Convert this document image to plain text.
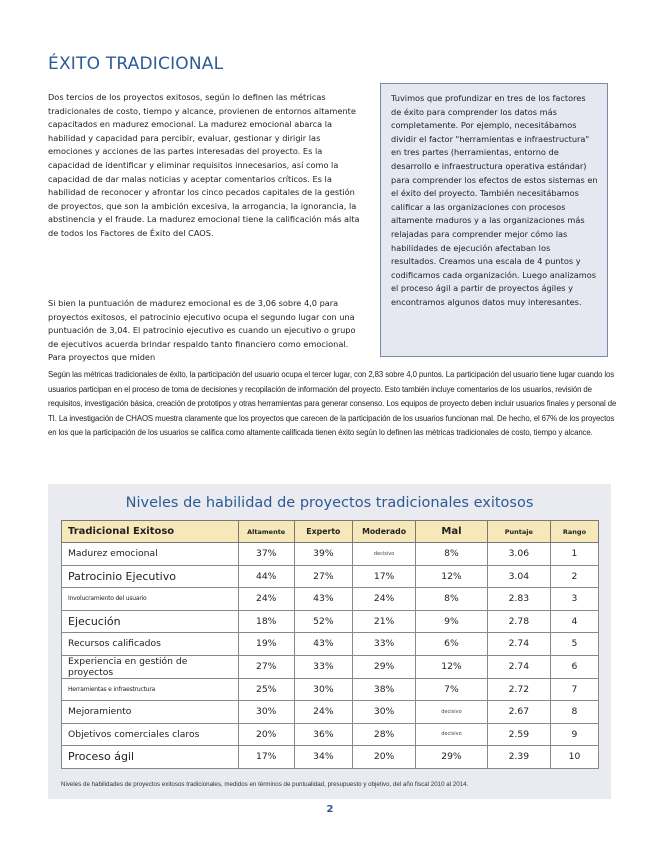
ÉXITO TRADICIONAL

Dos tercios de los proyectos exitosos, según lo definen las métricas tradicionales de costo, tiempo y alcance, provienen de entornos altamente capacitados en madurez emocional. La madurez emocional abarca la habilidad y capacidad para percibir, evaluar, gestionar y dirigir las emociones y acciones de las partes interesadas del proyecto. Es la capacidad de identificar y eliminar requisitos innecesarios, así como la capacidad de dar malas noticias y aceptar comentarios críticos. Es la habilidad de reconocer y afrontar los cinco pecados capitales de la gestión de proyectos, que son la ambición excesiva, la arrogancia, la ignorancia, la abstinencia y el fraude. La madurez emocional tiene la calificación más alta de todos los Factores de Éxito del CAOS.

Si bien la puntuación de madurez emocional es de 3,06 sobre 4,0 para proyectos exitosos, el patrocinio ejecutivo ocupa el segundo lugar con una puntuación de 3,04. El patrocinio ejecutivo es cuando un ejecutivo o grupo de ejecutivos acuerda brindar respaldo tanto financiero como emocional. Para proyectos que miden

Según las métricas tradicionales de éxito, la participación del usuario ocupa el tercer lugar, con 2,83 sobre 4,0 puntos. La participación del usuario tiene lugar cuando los usuarios participan en el proceso de toma de decisiones y recopilación de información del proyecto. Esto también incluye comentarios de los usuarios, revisión de requisitos, investigación básica, creación de prototipos y otras herramientas para generar consenso. Los equipos de proyecto deben incluir usuarios finales y personal de TI. La investigación de CHAOS muestra claramente que los proyectos que carecen de la participación de los usuarios funcionan mal. De hecho, el 67% de los proyectos en los que la participación de los usuarios se califica como altamente calificada tienen éxito según lo definen las métricas tradicionales de costo, tiempo y alcance.

Tuvimos que profundizar en tres de los factores de éxito para comprender los datos más completamente. Por ejemplo, necesitábamos dividir el factor "herramientas e infraestructura" en tres partes (herramientas, entorno de desarrollo e infraestructura operativa estándar) para comprender los efectos de estos sistemas en el éxito del proyecto. También necesitábamos calificar a las organizaciones con procesos altamente maduros y a las organizaciones más relajadas para comprender mejor cómo las habilidades de ejecución afectaban los resultados. Creamos una escala de 4 puntos y codificamos cada organización. Luego analizamos el proceso ágil a partir de proyectos ágiles y encontramos algunos datos muy interesantes.

Niveles de habilidad de proyectos tradicionales exitosos
Tradicional Exitoso	Altamente	Experto	Moderado	Mal	Puntaje	Rango
Madurez emocional	37%	39%	decisivo	8%	3.06	1
Patrocinio Ejecutivo	44%	27%	17%	12%	3.04	2
Involucramiento del usuario	24%	43%	24%	8%	2.83	3
Ejecución	18%	52%	21%	9%	2.78	4
Recursos calificados	19%	43%	33%	6%	2.74	5
Experiencia en gestión de proyectos	27%	33%	29%	12%	2.74	6
Herramientas e infraestructura	25%	30%	38%	7%	2.72	7
Mejoramiento	30%	24%	30%	decisivo	2.67	8
Objetivos comerciales claros	20%	36%	28%	decisivo	2.59	9
Proceso ágil	17%	34%	20%	29%	2.39	10

Niveles de habilidades de proyectos exitosos tradicionales, medidos en términos de puntualidad, presupuesto y objetivo, del año fiscal 2010 al 2014.

2
